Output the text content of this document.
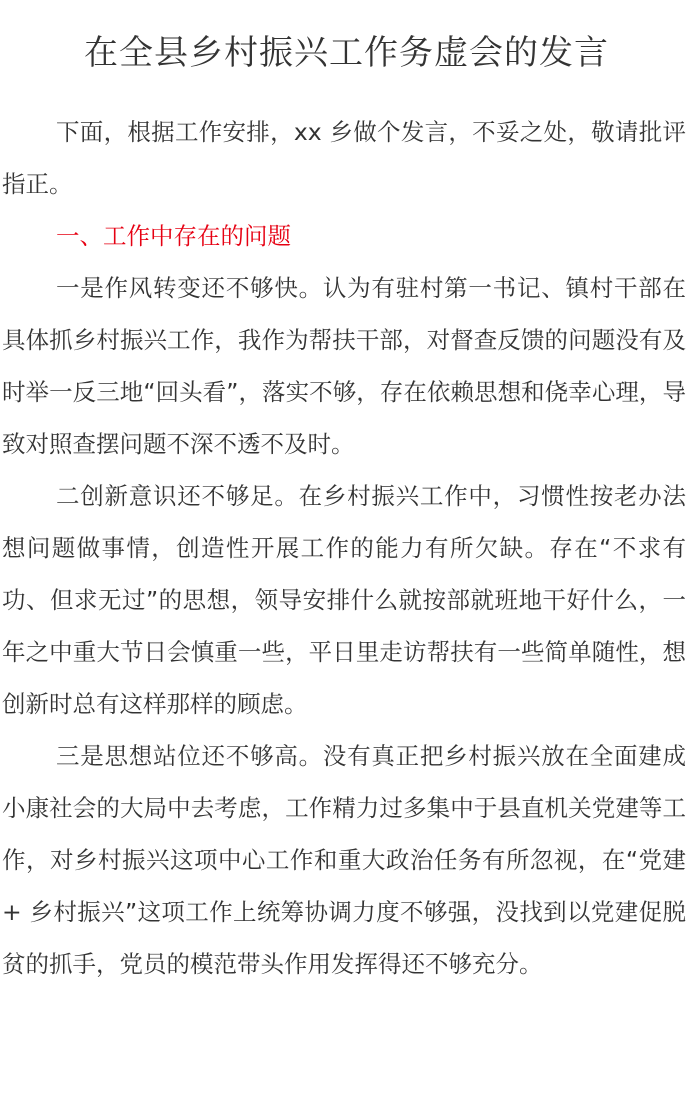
在全县乡村振兴工作务虚会的发言

下面，根据工作安排，xx 乡做个发言，不妥之处，敬请批评指正。

一、工作中存在的问题

一是作风转变还不够快。认为有驻村第一书记、镇村干部在具体抓乡村振兴工作，我作为帮扶干部，对督查反馈的问题没有及时举一反三地“回头看”，落实不够，存在依赖思想和侥幸心理，导致对照查摆问题不深不透不及时。

二创新意识还不够足。在乡村振兴工作中，习惯性按老办法想问题做事情，创造性开展工作的能力有所欠缺。存在“不求有功、但求无过”的思想，领导安排什么就按部就班地干好什么，一年之中重大节日会慎重一些，平日里走访帮扶有一些简单随性，想创新时总有这样那样的顾虑。

三是思想站位还不够高。没有真正把乡村振兴放在全面建成小康社会的大局中去考虑，工作精力过多集中于县直机关党建等工作，对乡村振兴这项中心工作和重大政治任务有所忽视，在“党建 + 乡村振兴”这项工作上统筹协调力度不够强，没找到以党建促脱贫的抓手，党员的模范带头作用发挥得还不够充分。
